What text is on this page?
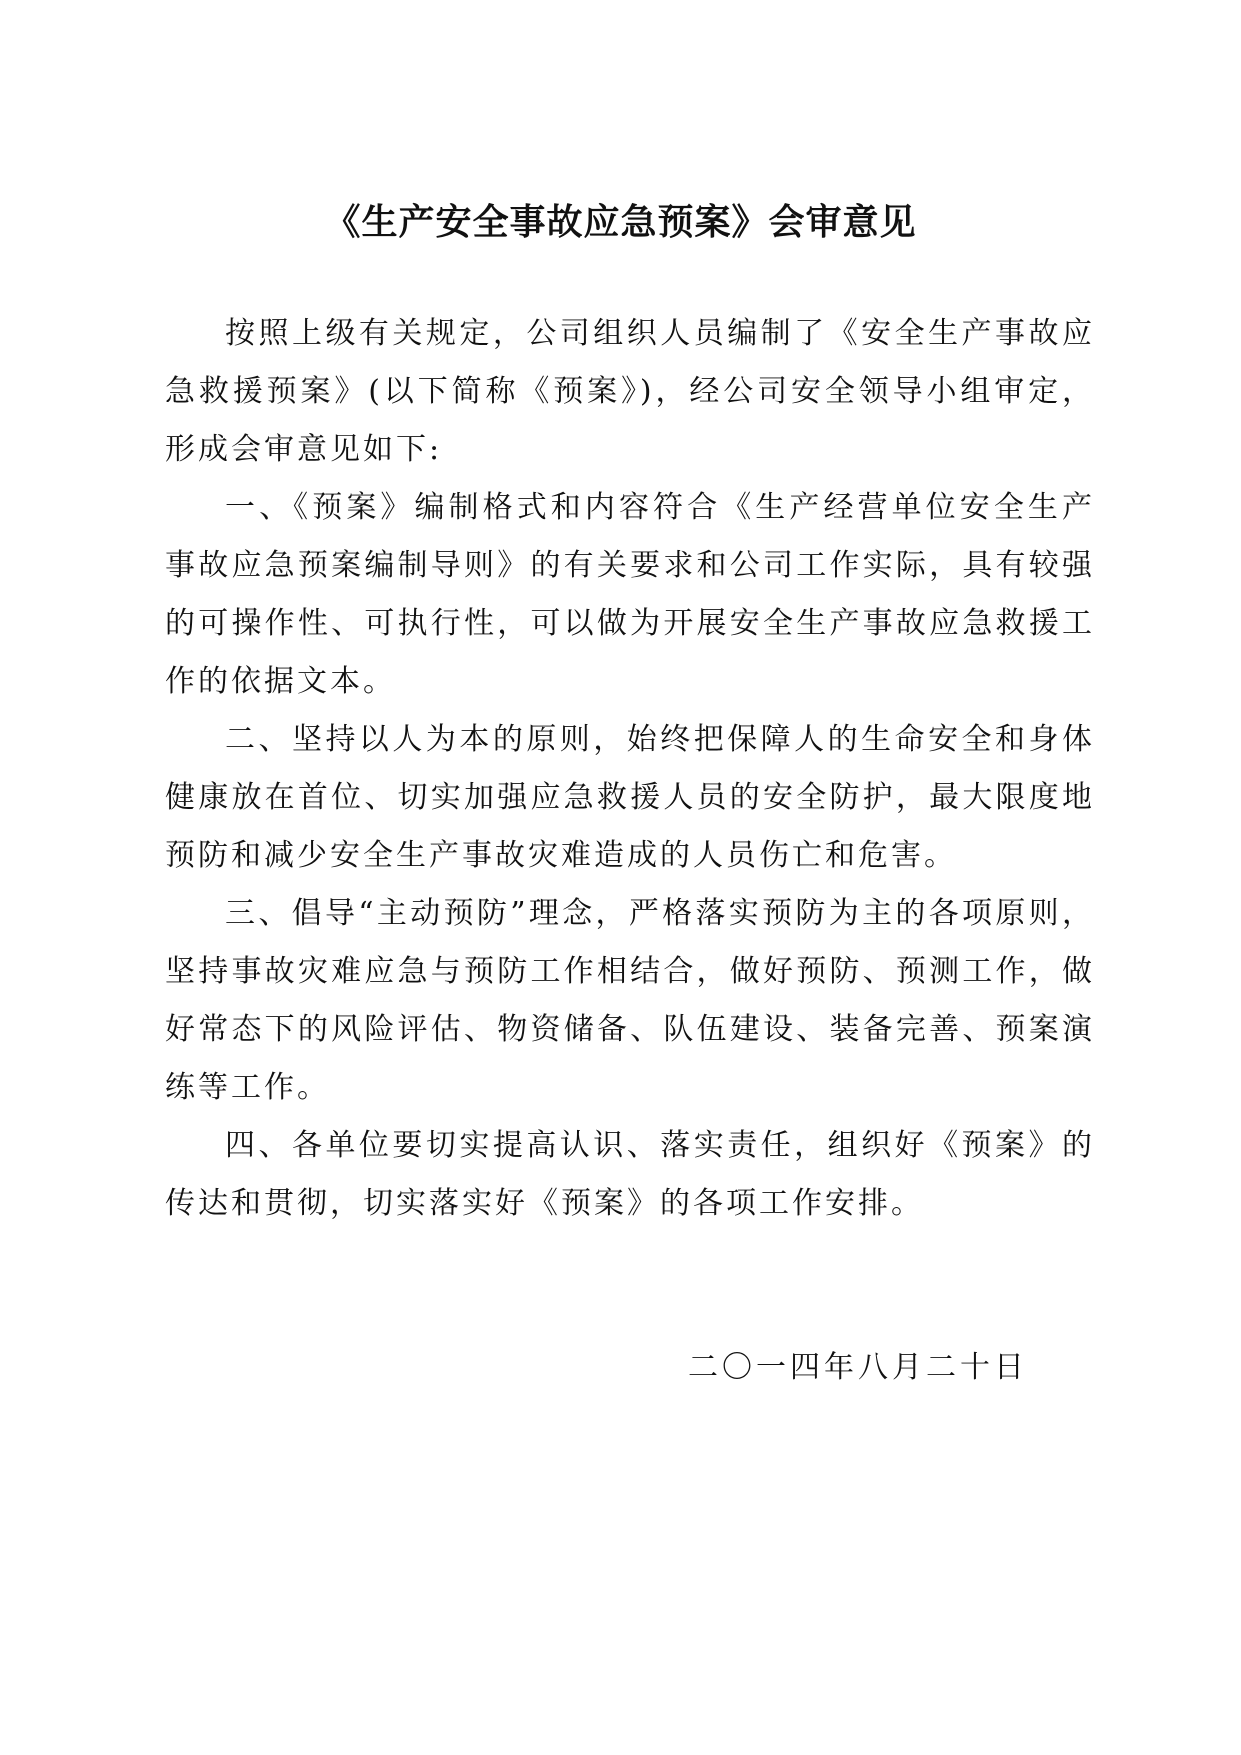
《生产安全事故应急预案》会审意见

按照上级有关规定，公司组织人员编制了《安全生产事故应急救援预案》(以下简称《预案》)，经公司安全领导小组审定，形成会审意见如下:

一、《预案》编制格式和内容符合《生产经营单位安全生产事故应急预案编制导则》的有关要求和公司工作实际，具有较强的可操作性、可执行性，可以做为开展安全生产事故应急救援工作的依据文本。

二、坚持以人为本的原则，始终把保障人的生命安全和身体健康放在首位、切实加强应急救援人员的安全防护，最大限度地预防和减少安全生产事故灾难造成的人员伤亡和危害。

三、倡导“主动预防”理念，严格落实预防为主的各项原则，坚持事故灾难应急与预防工作相结合，做好预防、预测工作，做好常态下的风险评估、物资储备、队伍建设、装备完善、预案演练等工作。

四、各单位要切实提高认识、落实责任，组织好《预案》的传达和贯彻，切实落实好《预案》的各项工作安排。

二〇一四年八月二十日
